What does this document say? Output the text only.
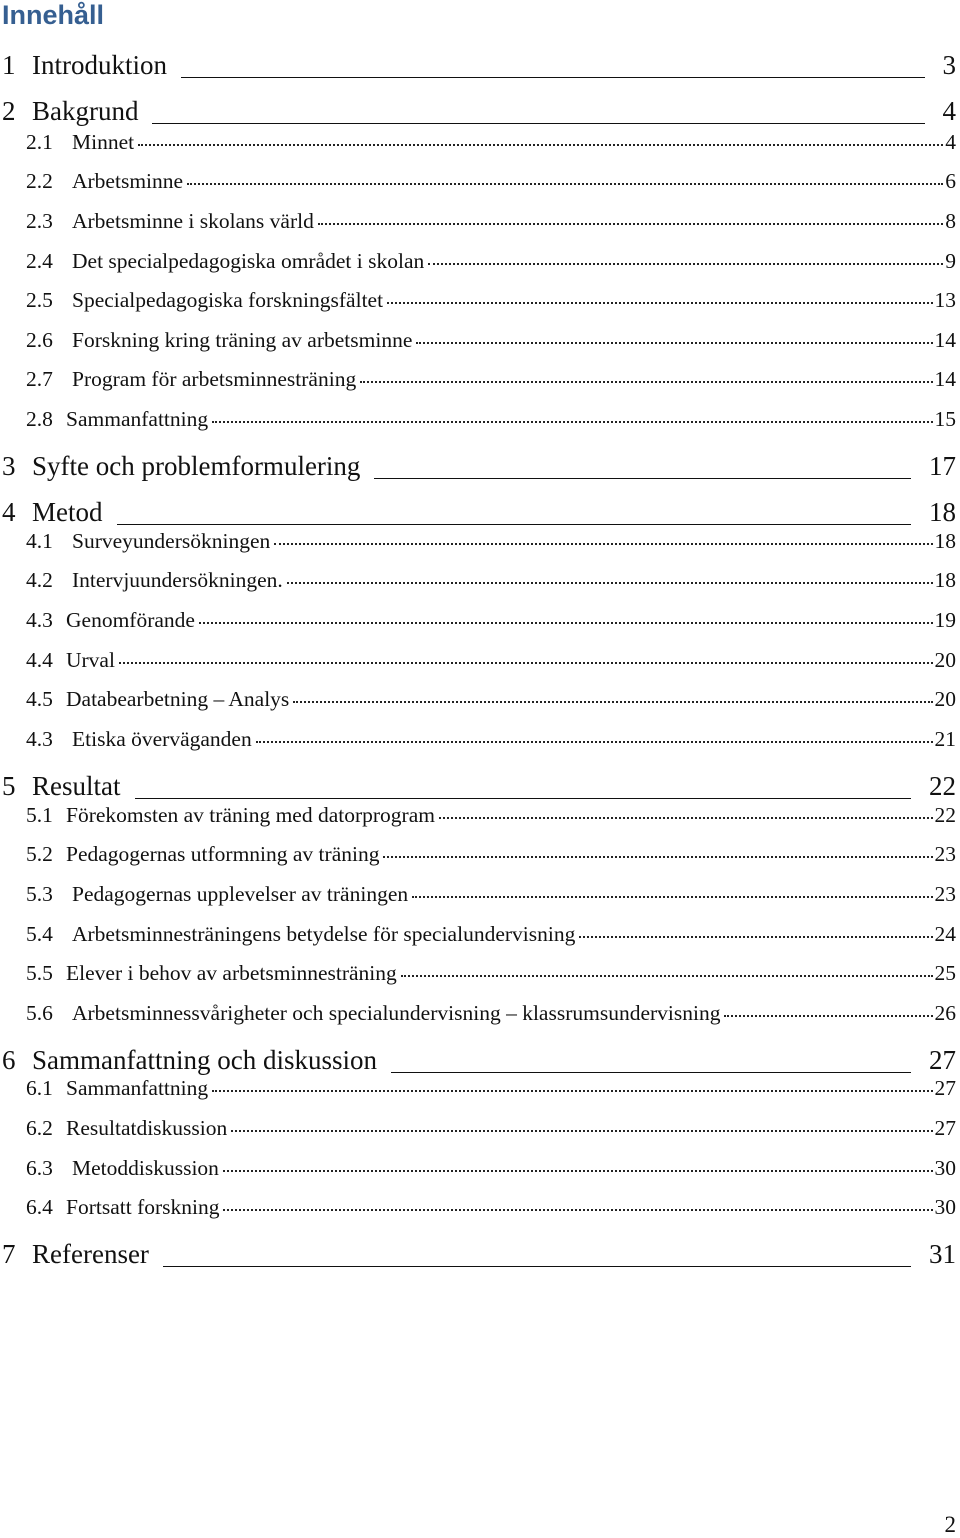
Innehåll
1 Introduktion	3
2 Bakgrund	4
2.1 Minnet	4
2.2 Arbetsminne	6
2.3 Arbetsminne i skolans värld	8
2.4 Det specialpedagogiska området i skolan	9
2.5 Specialpedagogiska forskningsfältet	13
2.6 Forskning kring träning av arbetsminne	14
2.7 Program för arbetsminnesträning	14
2.8 Sammanfattning	15
3 Syfte och problemformulering	17
4 Metod	18
4.1 Surveyundersökningen	18
4.2 Intervjuundersökningen.	18
4.3 Genomförande	19
4.4 Urval	20
4.5 Databearbetning – Analys	20
4.3 Etiska överväganden	21
5 Resultat	22
5.1 Förekomsten av träning med datorprogram	22
5.2 Pedagogernas utformning av träning	23
5.3 Pedagogernas upplevelser av träningen	23
5.4 Arbetsminnesträningens betydelse för specialundervisning	24
5.5 Elever i behov av arbetsminnesträning	25
5.6 Arbetsminnessvårigheter och specialundervisning – klassrumsundervisning	26
6 Sammanfattning och diskussion	27
6.1 Sammanfattning	27
6.2 Resultatdiskussion	27
6.3 Metoddiskussion	30
6.4 Fortsatt forskning	30
7 Referenser	31
2
